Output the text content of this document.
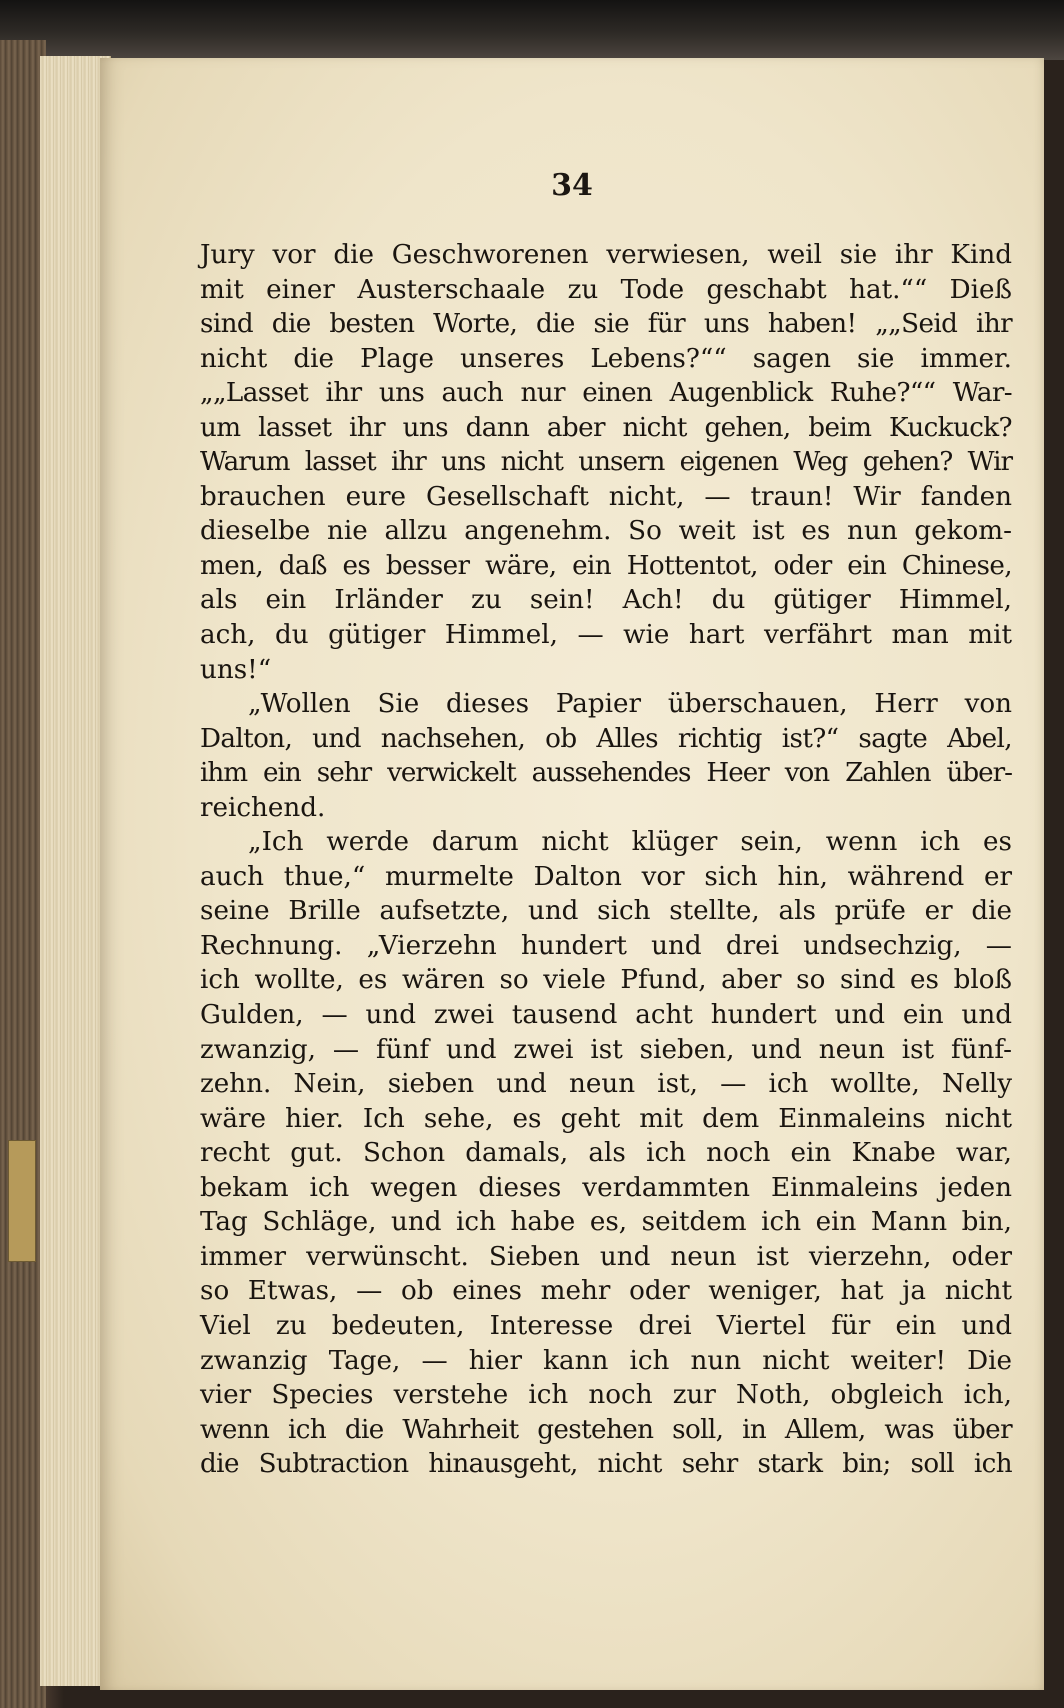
34
Jury vor die Geschworenen verwiesen, weil sie ihr Kind
mit einer Austerschaale zu Tode geschabt hat.““ Dieß
sind die besten Worte, die sie für uns haben! „„Seid ihr
nicht die Plage unseres Lebens?““ sagen sie immer.
„„Lasset ihr uns auch nur einen Augenblick Ruhe?““ War-
um lasset ihr uns dann aber nicht gehen, beim Kuckuck?
Warum lasset ihr uns nicht unsern eigenen Weg gehen? Wir
brauchen eure Gesellschaft nicht, — traun! Wir fanden
dieselbe nie allzu angenehm. So weit ist es nun gekom-
men, daß es besser wäre, ein Hottentot, oder ein Chinese,
als ein Irländer zu sein! Ach! du gütiger Himmel,
ach, du gütiger Himmel, — wie hart verfährt man mit
uns!“
„Wollen Sie dieses Papier überschauen, Herr von
Dalton, und nachsehen, ob Alles richtig ist?“ sagte Abel,
ihm ein sehr verwickelt aussehendes Heer von Zahlen über-
reichend.
„Ich werde darum nicht klüger sein, wenn ich es
auch thue,“ murmelte Dalton vor sich hin, während er
seine Brille aufsetzte, und sich stellte, als prüfe er die
Rechnung. „Vierzehn hundert und drei undsechzig, —
ich wollte, es wären so viele Pfund, aber so sind es bloß
Gulden, — und zwei tausend acht hundert und ein und
zwanzig, — fünf und zwei ist sieben, und neun ist fünf-
zehn. Nein, sieben und neun ist, — ich wollte, Nelly
wäre hier. Ich sehe, es geht mit dem Einmaleins nicht
recht gut. Schon damals, als ich noch ein Knabe war,
bekam ich wegen dieses verdammten Einmaleins jeden
Tag Schläge, und ich habe es, seitdem ich ein Mann bin,
immer verwünscht. Sieben und neun ist vierzehn, oder
so Etwas, — ob eines mehr oder weniger, hat ja nicht
Viel zu bedeuten, Interesse drei Viertel für ein und
zwanzig Tage, — hier kann ich nun nicht weiter! Die
vier Species verstehe ich noch zur Noth, obgleich ich,
wenn ich die Wahrheit gestehen soll, in Allem, was über
die Subtraction hinausgeht, nicht sehr stark bin; soll ich
